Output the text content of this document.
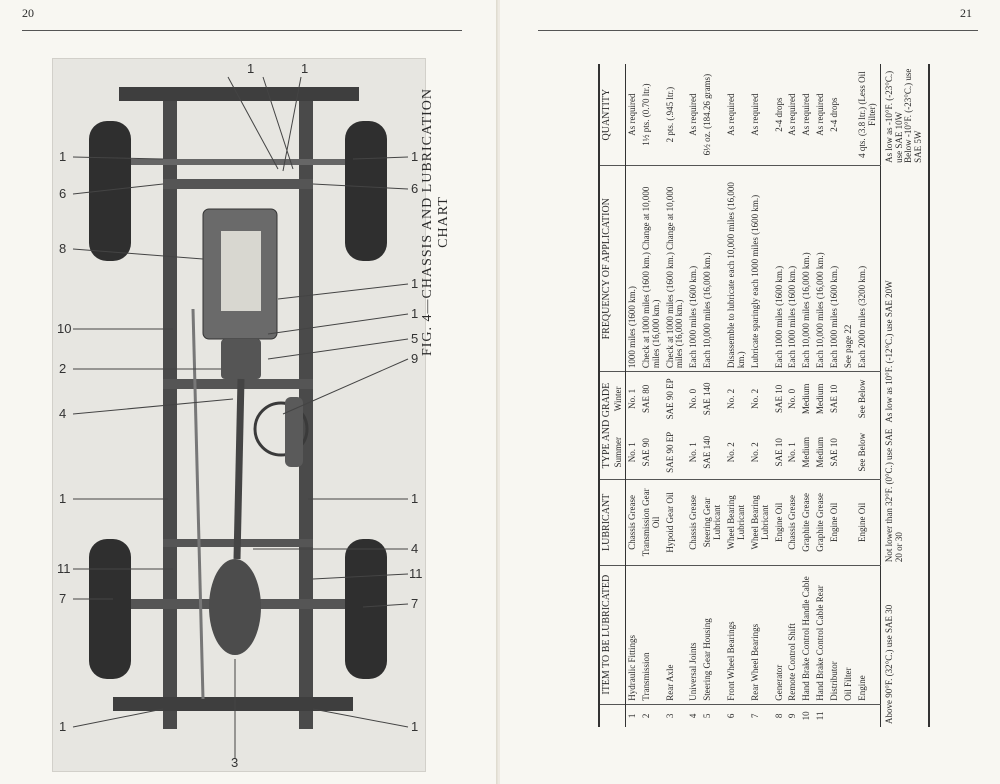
20
1	1
1	1
6	6
8
1
1
5
10
2
9
4
1	1
11
4
7
11
7
1
3
1
FIG. 4—CHASSIS AND LUBRICATION CHART
21
	ITEM TO BE LUBRICATED	LUBRICANT	TYPE AND GRADE		FREQUENCY OF APPLICATION	QUANTITY
			Summer	Winter		
1	Hydraulic Fittings	Chassis Grease	No. 1	No. 1	1000 miles (1600 km.)	As required
2	Transmission	Transmission Gear Oil	SAE 90	SAE 80	Check at 1000 miles (1600 km.) Change at 10,000 miles (16,000 km.)	1½ pts. (0.70 ltr.)
3	Rear Axle	Hypoid Gear Oil	SAE 90 EP	SAE 90 EP	Check at 1000 miles (1600 km.) Change at 10,000 miles (16,000 km.)	2 pts. (.945 ltr.)
4	Universal Joints	Chassis Grease	No. 1	No. 0	Each 1000 miles (1600 km.)	As required
5	Steering Gear Housing	Steering Gear Lubricant	SAE 140	SAE 140	Each 10,000 miles (16,000 km.)	6½ oz. (184.26 grams)
6	Front Wheel Bearings	Wheel Bearing Lubricant	No. 2	No. 2	Disassemble to lubricate each 10,000 miles (16,000 km.)	As required
7	Rear Wheel Bearings	Wheel Bearing Lubricant	No. 2	No. 2	Lubricate sparingly each 1000 miles (1600 km.)	As required
8	Generator	Engine Oil	SAE 10	SAE 10	Each 1000 miles (1600 km.)	2-4 drops
9	Remote Control Shift	Chassis Grease	No. 1	No. 0	Each 1000 miles (1600 km.)	As required
10	Hand Brake Control Handle Cable	Graphite Grease	Medium	Medium	Each 10,000 miles (16,000 km.)	As required
11	Hand Brake Control Cable Rear	Graphite Grease	Medium	Medium	Each 10,000 miles (16,000 km.)	As required
	Distributor	Engine Oil	SAE 10	SAE 10	Each 1000 miles (1600 km.)	2-4 drops
	Oil Filter				See page 22	
	Engine	Engine Oil	See Below	See Below	Each 2000 miles (3200 km.)	4 qts. (3.8 ltr.) (Less Oil Filter)
Above 90°F. (32°C.) use SAE 30		Not lower than 32°F. (0°C.) use SAE 20 or 30		As low as 10°F. (-12°C.) use SAE 20W		As low as -10°F. (-23°C.) use SAE 10W
Below -10°F. (-23°C.) use SAE 5W
